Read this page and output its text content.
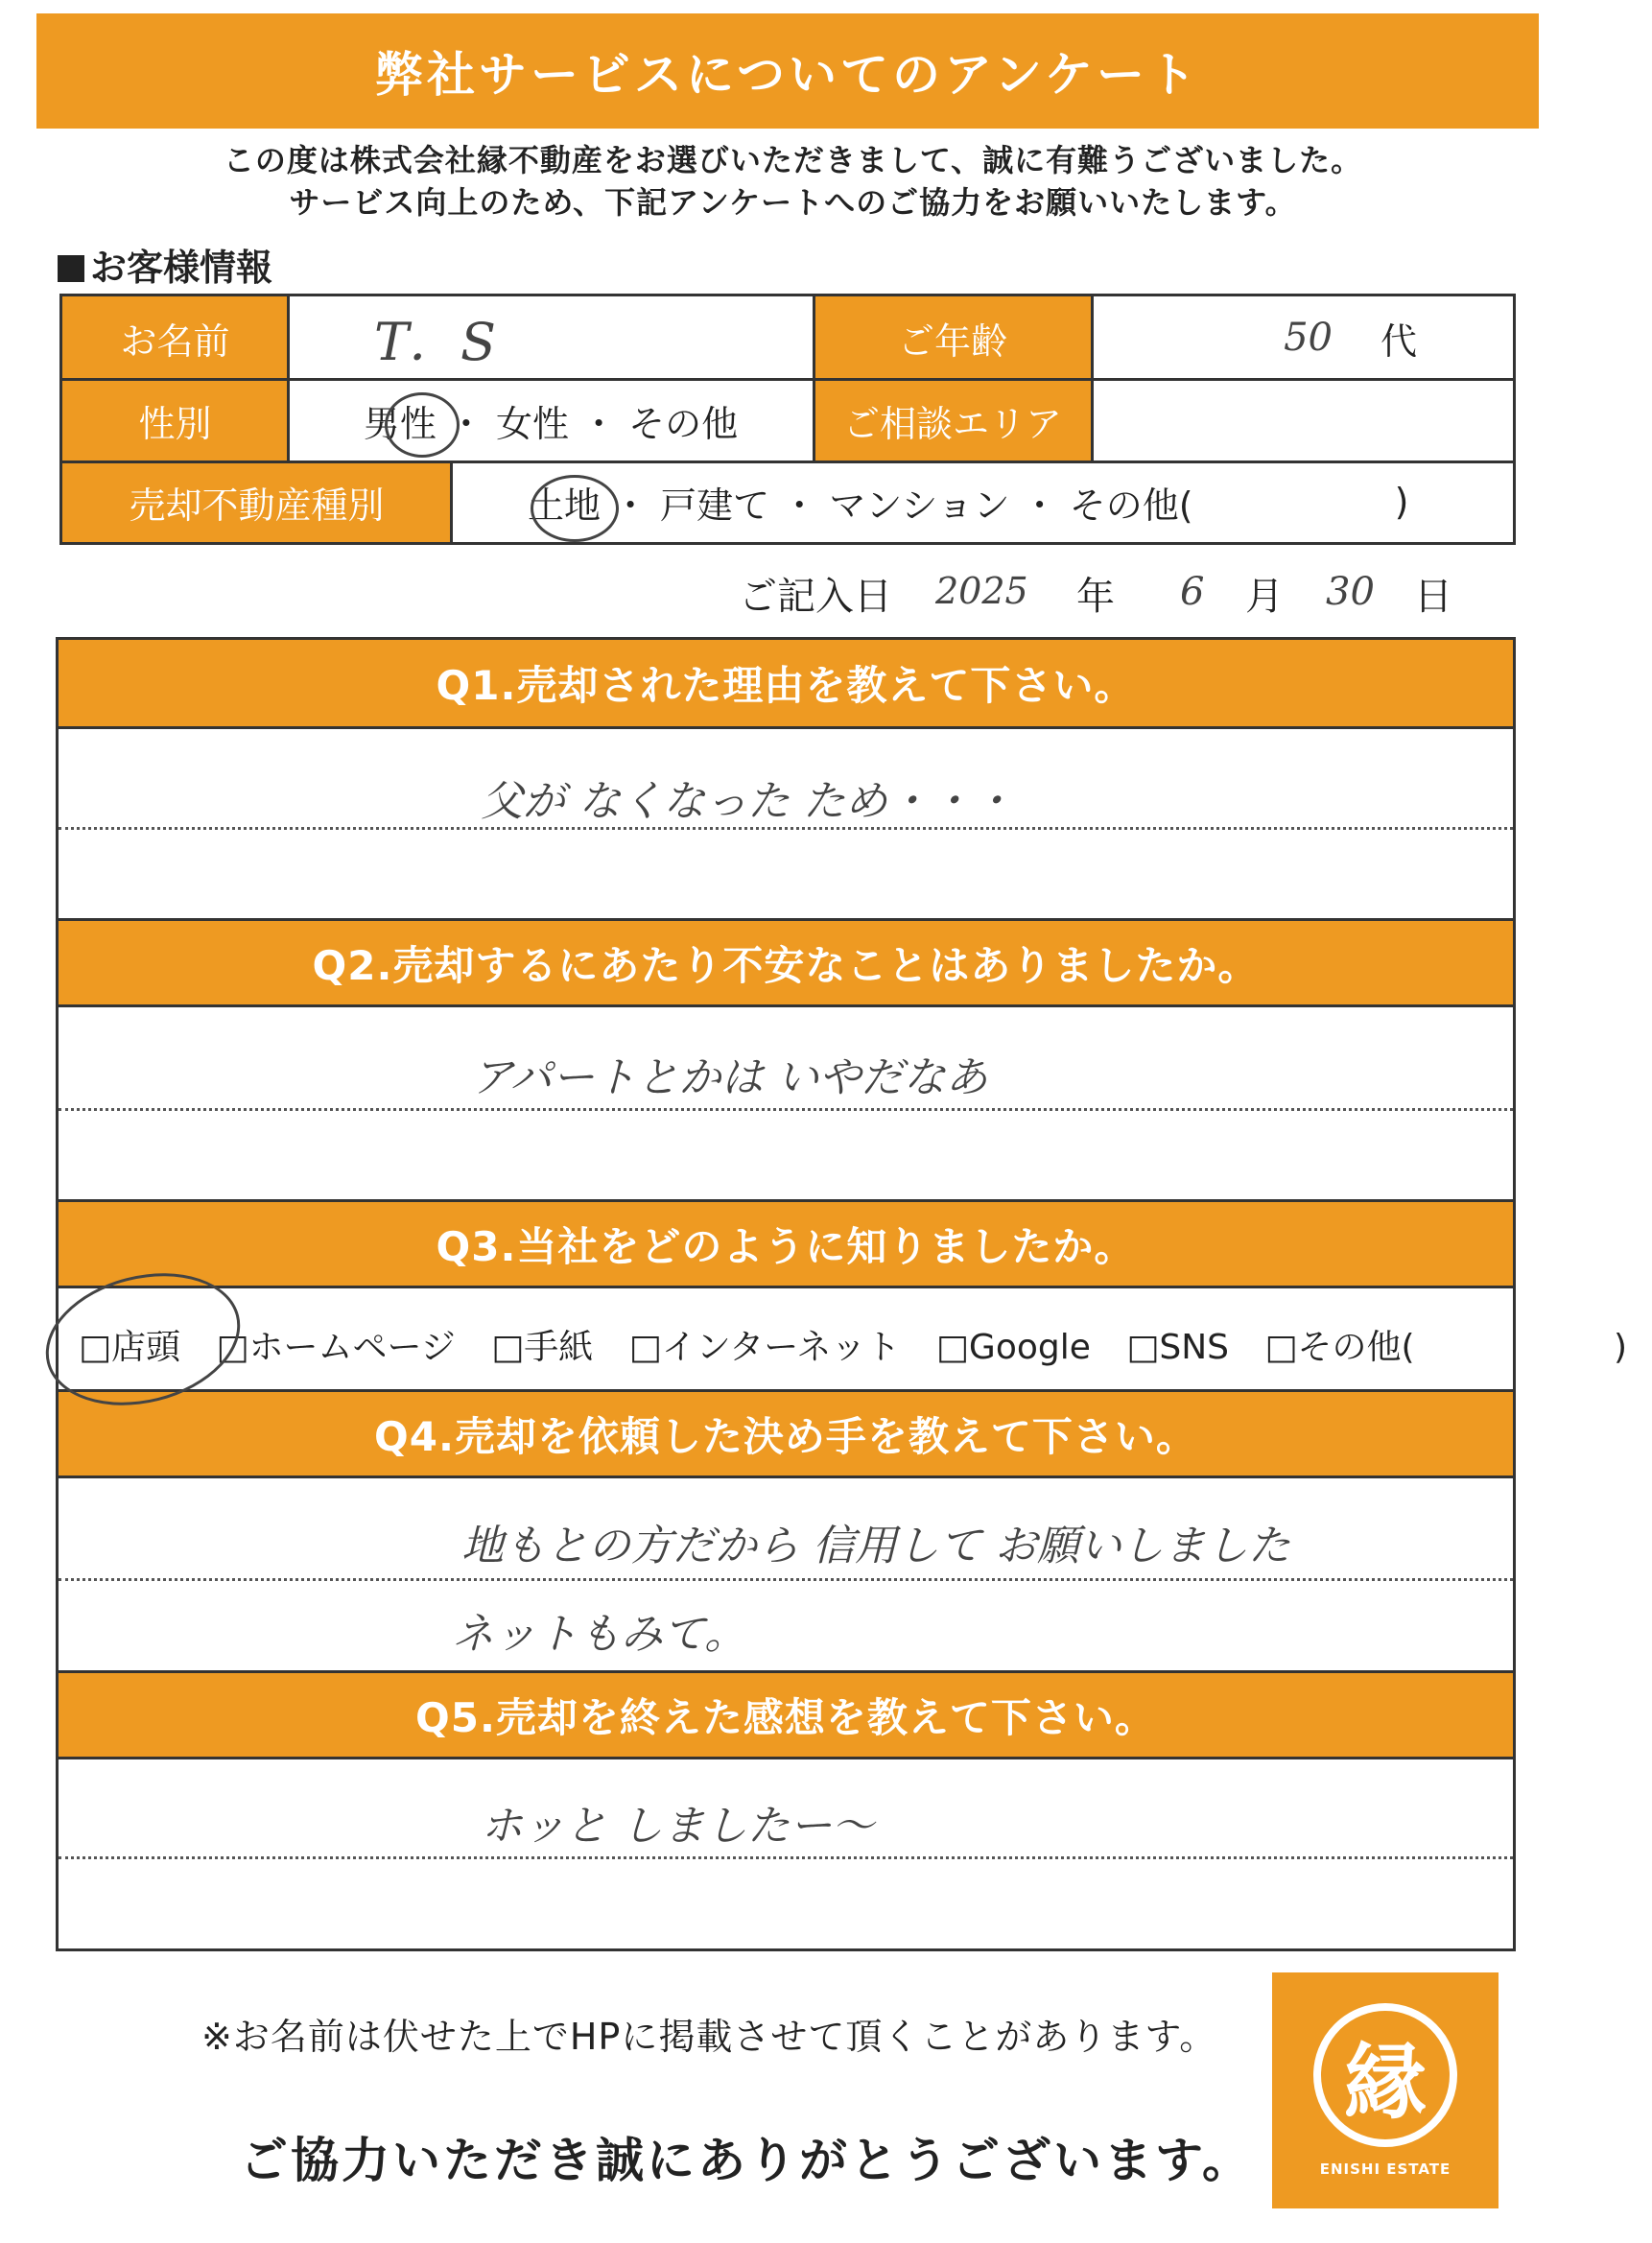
弊社サービスについてのアンケート
この度は株式会社縁不動産をお選びいただきまして、誠に有難うございました。
サービス向上のため、下記アンケートへのご協力をお願いいたします。
お客様情報
お名前	T．S	ご年齢	50 代
性別	男性 ・ 女性 ・ その他	ご相談エリア
売却不動産種別	土地 ・ 戸建て ・ マンション ・ その他(	)
ご記入日 2025 年 6 月 30 日
Q1.売却された理由を教えて下さい。
父が なくなった ため・・・
Q2.売却するにあたり不安なことはありましたか。
アパートとかは いやだなあ
Q3.当社をどのように知りましたか。
Q4.売却を依頼した決め手を教えて下さい。
地もとの方だから 信用して お願いしました
ネットもみて。
Q5.売却を終えた感想を教えて下さい。
ホッと しましたー〜
□店頭 □ホームページ □手紙 □インターネット □Google □SNS □その他(	)
※お名前は伏せた上でHPに掲載させて頂くことがあります。
ご協力いただき誠にありがとうございます。
縁
ENISHI ESTATE
